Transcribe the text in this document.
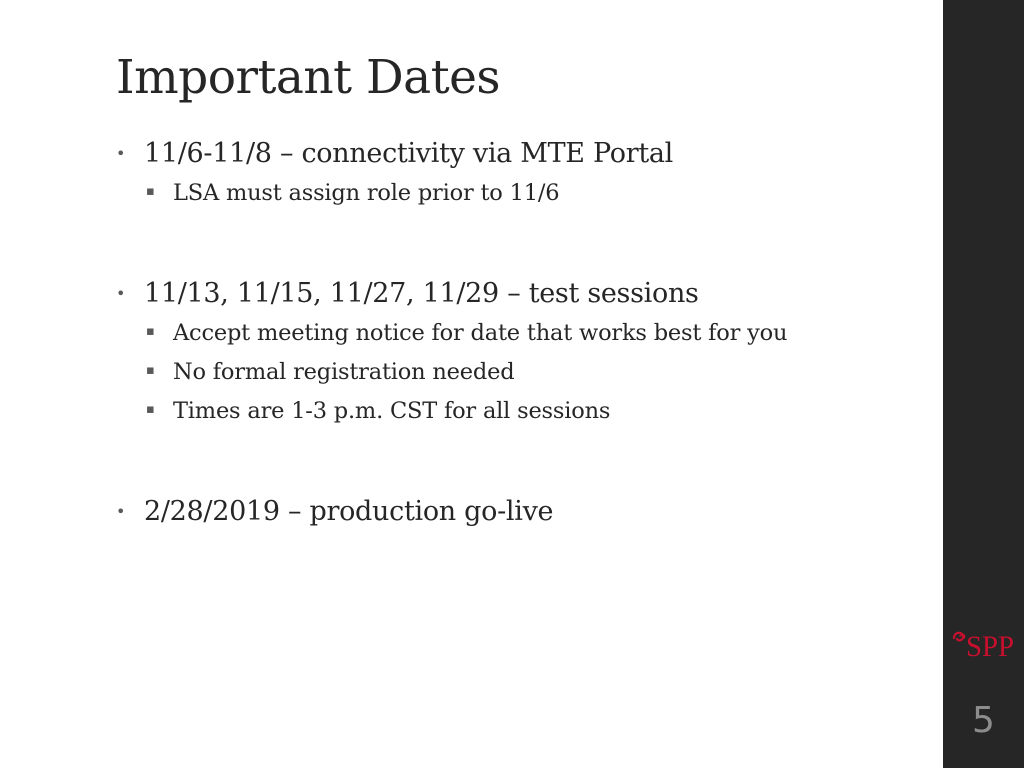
Important Dates
• 11/6-11/8 – connectivity via MTE Portal
▪ LSA must assign role prior to 11/6
• 11/13, 11/15, 11/27, 11/29 – test sessions
▪ Accept meeting notice for date that works best for you
▪ No formal registration needed
▪ Times are 1-3 p.m. CST for all sessions
• 2/28/2019 – production go-live
SPP
5
